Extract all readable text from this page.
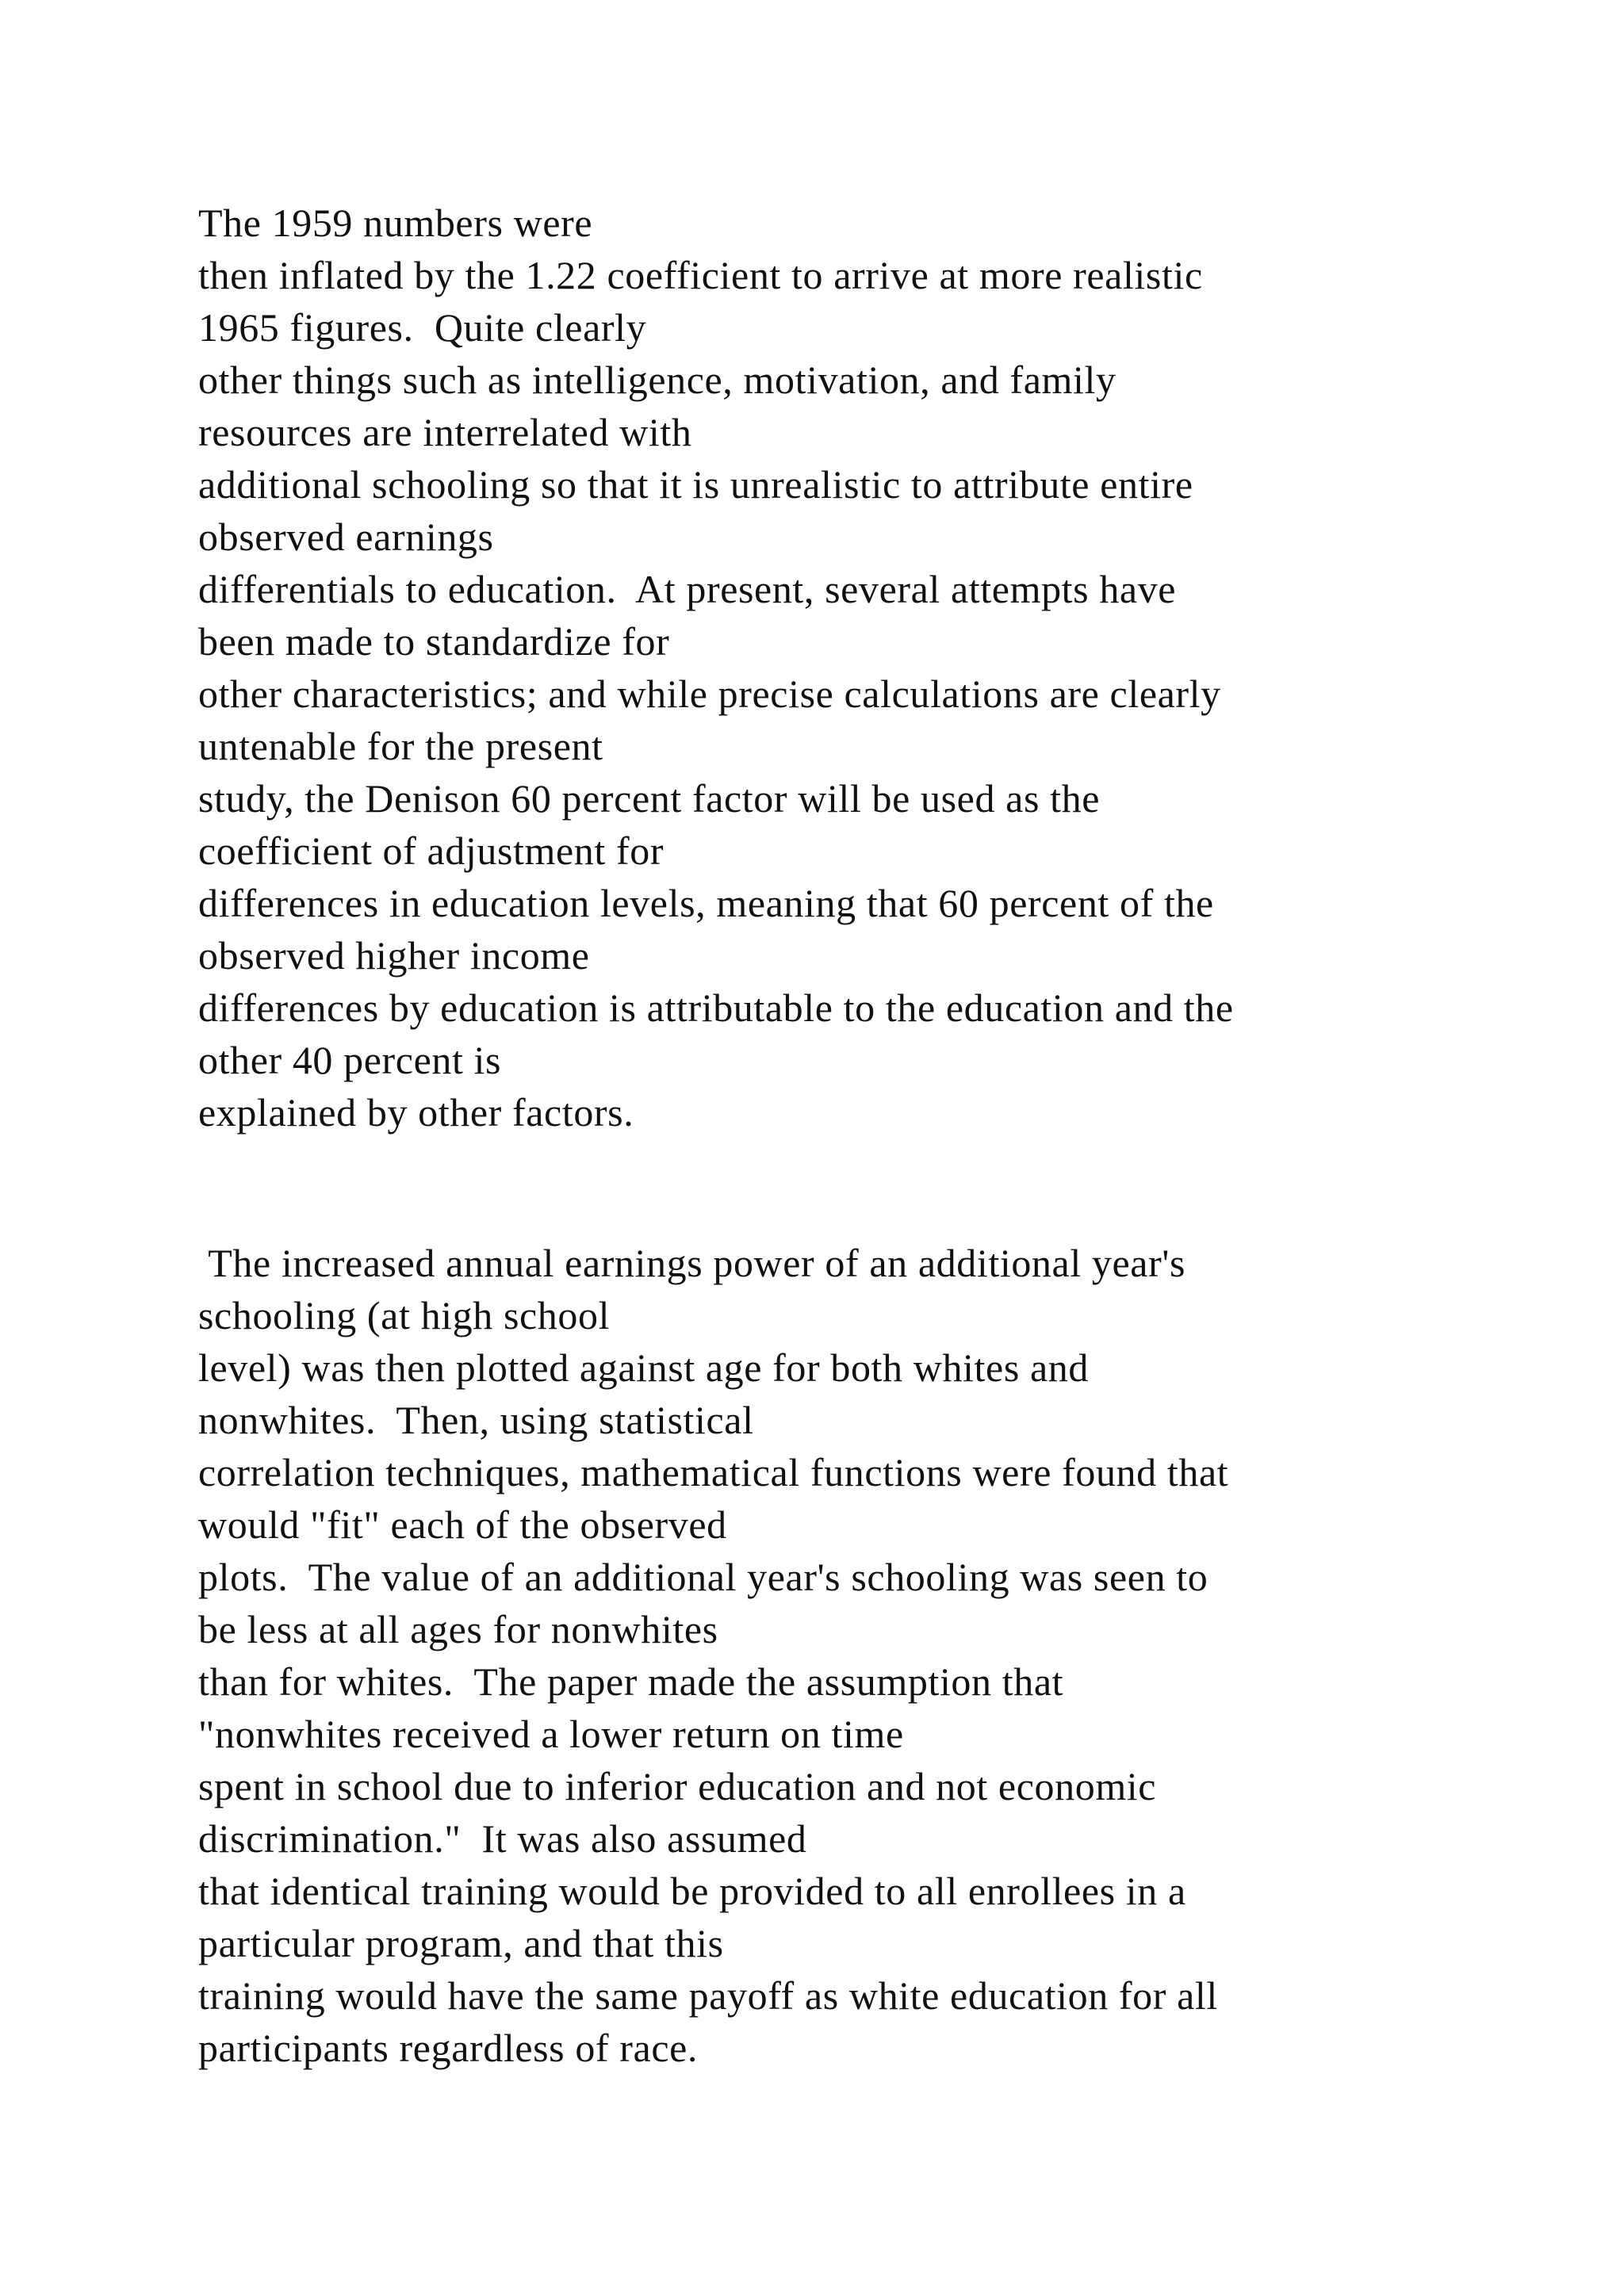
The 1959 numbers were
then inflated by the 1.22 coefficient to arrive at more realistic
1965 figures.  Quite clearly
other things such as intelligence, motivation, and family
resources are interrelated with
additional schooling so that it is unrealistic to attribute entire
observed earnings
differentials to education.  At present, several attempts have
been made to standardize for
other characteristics; and while precise calculations are clearly
untenable for the present
study, the Denison 60 percent factor will be used as the
coefficient of adjustment for
differences in education levels, meaning that 60 percent of the
observed higher income
differences by education is attributable to the education and the
other 40 percent is
explained by other factors.
The increased annual earnings power of an additional year's
schooling (at high school
level) was then plotted against age for both whites and
nonwhites.  Then, using statistical
correlation techniques, mathematical functions were found that
would "fit" each of the observed
plots.  The value of an additional year's schooling was seen to
be less at all ages for nonwhites
than for whites.  The paper made the assumption that
"nonwhites received a lower return on time
spent in school due to inferior education and not economic
discrimination."  It was also assumed
that identical training would be provided to all enrollees in a
particular program, and that this
training would have the same payoff as white education for all
participants regardless of race.
